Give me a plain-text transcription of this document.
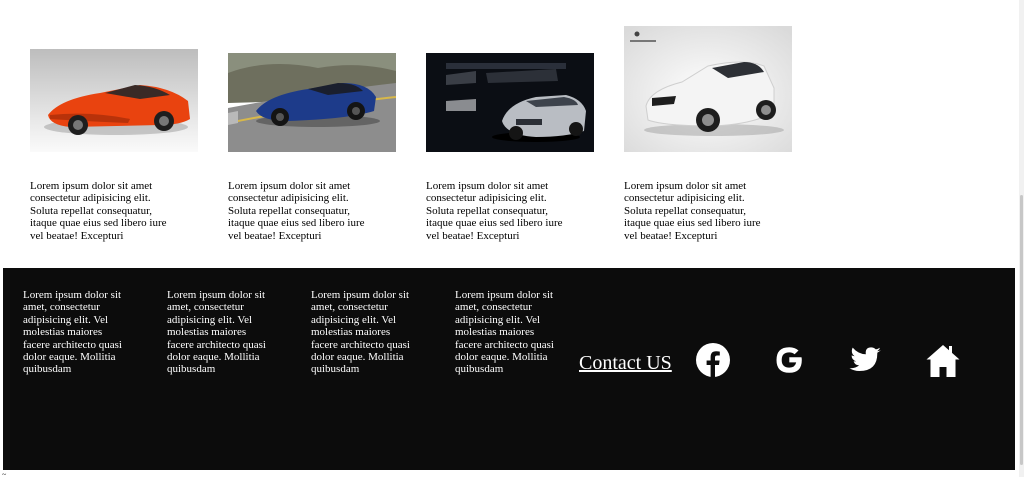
Lorem ipsum dolor sit amet consectetur adipisicing elit. Soluta repellat consequatur, itaque quae eius sed libero iure vel beatae! Excepturi
Lorem ipsum dolor sit amet consectetur adipisicing elit. Soluta repellat consequatur, itaque quae eius sed libero iure vel beatae! Excepturi
Lorem ipsum dolor sit amet consectetur adipisicing elit. Soluta repellat consequatur, itaque quae eius sed libero iure vel beatae! Excepturi
Lorem ipsum dolor sit amet consectetur adipisicing elit. Soluta repellat consequatur, itaque quae eius sed libero iure vel beatae! Excepturi
Lorem ipsum dolor sit amet, consectetur adipisicing elit. Vel molestias maiores facere architecto quasi dolor eaque. Mollitia quibusdam
Lorem ipsum dolor sit amet, consectetur adipisicing elit. Vel molestias maiores facere architecto quasi dolor eaque. Mollitia quibusdam
Lorem ipsum dolor sit amet, consectetur adipisicing elit. Vel molestias maiores facere architecto quasi dolor eaque. Mollitia quibusdam
Lorem ipsum dolor sit amet, consectetur adipisicing elit. Vel molestias maiores facere architecto quasi dolor eaque. Mollitia quibusdam	Contact US
~
